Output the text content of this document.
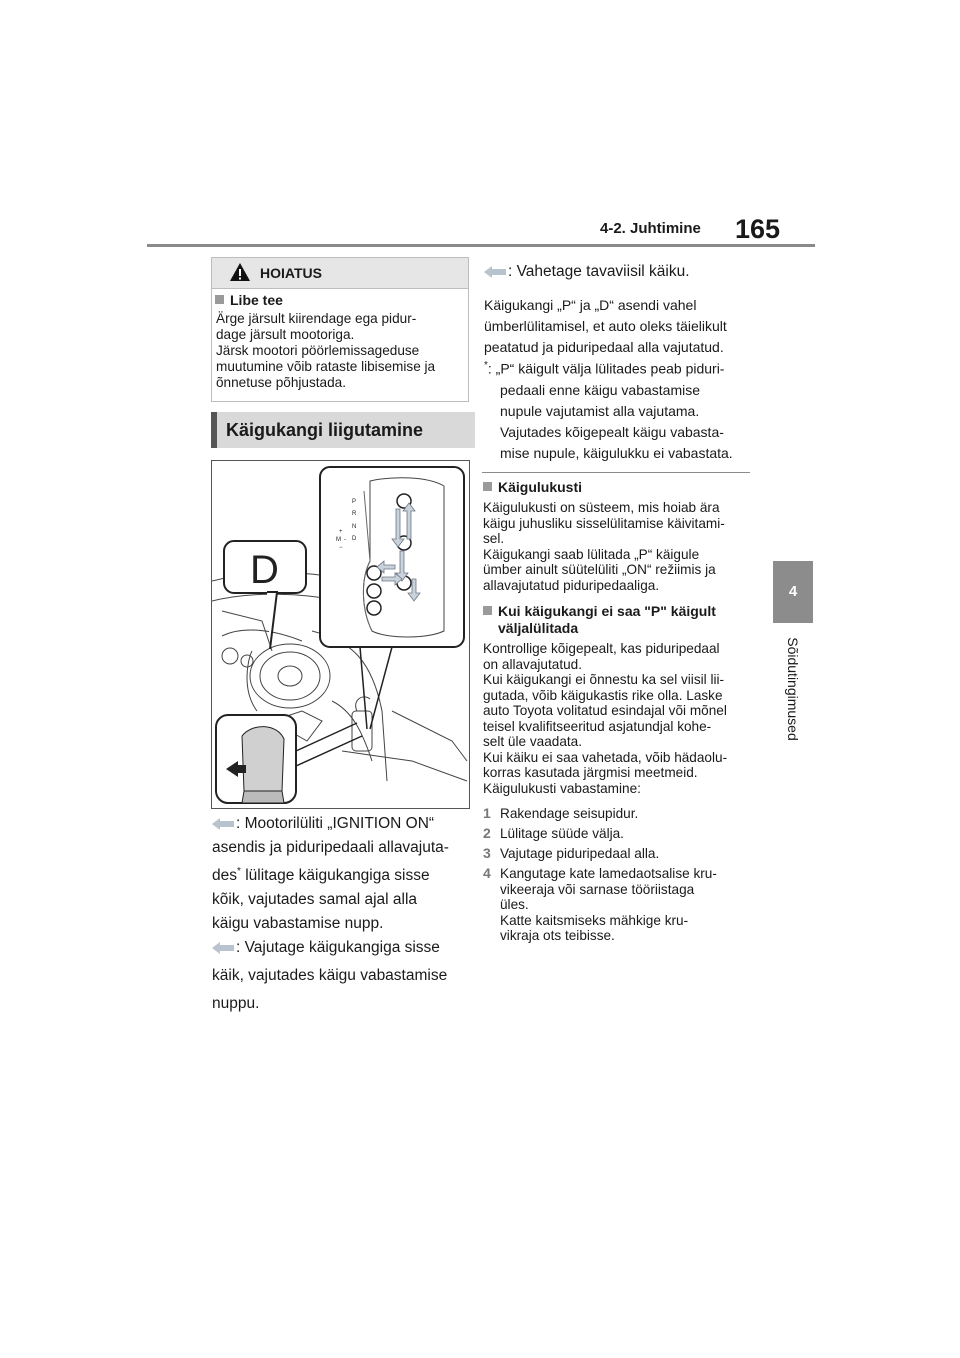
4-2. Juhtimine 165
4
Sõidutingimused
HOIATUS
Libe tee
Ärge järsult kiirendage ega pidur-
dage järsult mootoriga.
Järsk mootori pöörlemissageduse
muutumine võib rataste libisemise ja
õnnetuse põhjustada.
Käigukangi liigutamine
D
P
R
N
D
+
M -
−
: Mootorilüliti „IGNITION ON“
asendis ja piduripedaali allavajuta-
des* lülitage käigukangiga sisse
kõik, vajutades samal ajal alla
käigu vabastamise nupp.
: Vajutage käigukangiga sisse
käik, vajutades käigu vabastamise
nuppu.
: Vahetage tavaviisil käiku.
Käigukangi „P“ ja „D“ asendi vahel
ümberlülitamisel, et auto oleks täielikult
peatatud ja piduripedaal alla vajutatud.
*: „P“ käigult välja lülitades peab piduri-
pedaali enne käigu vabastamise
nupule vajutamist alla vajutama.
Vajutades kõigepealt käigu vabasta-
mise nupule, käigulukku ei vabastata.
Käigulukusti
Käigulukusti on süsteem, mis hoiab ära
käigu juhusliku sisselülitamise käivitami-
sel.
Käigukangi saab lülitada „P“ käigule
ümber ainult süütelüliti „ON“ režiimis ja
allavajutatud piduripedaaliga.
Kui käigukangi ei saa "P" käigult
väljalülitada
Kontrollige kõigepealt, kas piduripedaal
on allavajutatud.
Kui käigukangi ei õnnestu ka sel viisil lii-
gutada, võib käigukastis rike olla. Laske
auto Toyota volitatud esindajal või mõnel
teisel kvalifitseeritud asjatundjal kohe-
selt üle vaadata.
Kui käiku ei saa vahetada, võib hädaolu-
korras kasutada järgmisi meetmeid.
Käigulukusti vabastamine:
1 Rakendage seisupidur.
2 Lülitage süüde välja.
3 Vajutage piduripedaal alla.
4 Kangutage kate lamedaotsalise kru-
vikeeraja või sarnase tööriistaga
üles.
Katte kaitsmiseks mähkige kru-
vikraja ots teibisse.
